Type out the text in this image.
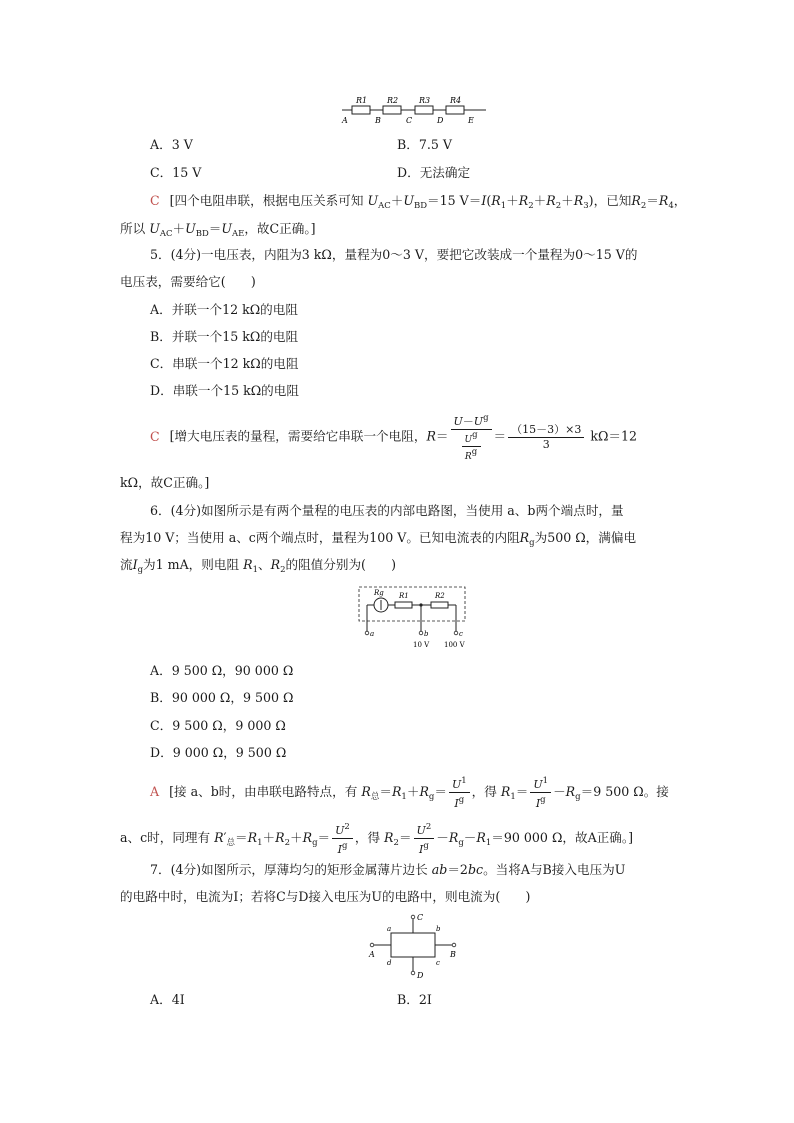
R1 R2	R3 R4
A	B	C	D	E
A．3 V	B．7.5 V
C．15 V	D．无法确定
C [四个电阻串联，根据电压关系可知 $U_{AC}+U_{BD}=15$ $V=I(R_1+R_2+R_2+R_3)$，已知$R_2=R_4$，
所以 $U_{AC}+U_{BD}=U_{AE}$，故C正确。]
5．(4分)一电压表，内阻为3 kΩ，量程为0～3 V，要把它改装成一个量程为0～15 V的
电压表，需要给它(　　)
A．并联一个12 kΩ的电阻
B．并联一个15 kΩ的电阻
C．串联一个12 kΩ的电阻
D．串联一个15 kΩ的电阻
C [增大电压表的量程，需要给它串联一个电阻，$R= \frac{U-U^g}{\frac{U^g}{R^g}} = \frac{(15-3)\times 3}{3} k\Omega=12$
kΩ，故C正确。]
6．(4分)如图所示是有两个量程的电压表的内部电路图，当使用 a、b两个端点时，量
程为10 V；当使用 a、c两个端点时，量程为100 V。已知电流表的内阻$R_g$为500 Ω，满偏电
流$I_g$为1 mA，则电阻 $R_1$、$R_2$的阻值分别为(　　)
Rg R1	R2
a	b	c
10 V 100 V
A．9 500 Ω，90 000 Ω
B．90 000 Ω，9 500 Ω
C．9 500 Ω，9 000 Ω
D．9 000 Ω，9 500 Ω
A [接 a、b时，由串联电路特点，有 $R_总=R_1+R_g= \frac{U^1}{I^g}$ ，得 $R_1= \frac{U^1}{I^g} -R_g=9$ 500 Ω。接
a、c时，同理有 $R'_总=R_1+R_2+R_g= \frac{U^2}{I^g}$ ，得 $R_2= \frac{U^2}{I^g} -R_g-R_1=90$ 000 Ω，故A正确。]
7．(4分)如图所示，厚薄均匀的矩形金属薄片边长 ab＝2bc。当将A与B接入电压为U
的电路中时，电流为I；若将C与D接入电压为U的电路中，则电流为(　　)
C
D
A	B
a	b
c
d
A．4I	B．2I
